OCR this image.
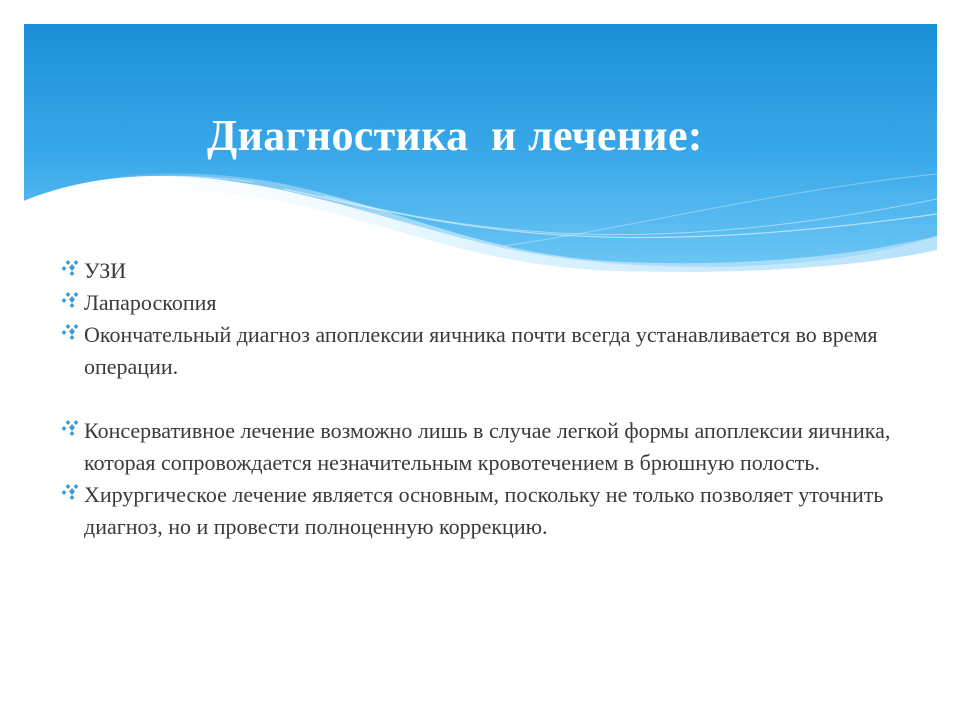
Диагностика  и лечение:
УЗИ
Лапароскопия
Окончательный диагноз апоплексии яичника почти всегда устанавливается во время операции.
Консервативное лечение возможно лишь в случае легкой формы апоплексии яичника, которая сопровождается незначительным кровотечением в брюшную полость.
Хирургическое лечение является основным, поскольку не только позволяет уточнить диагноз, но и провести полноценную коррекцию.
